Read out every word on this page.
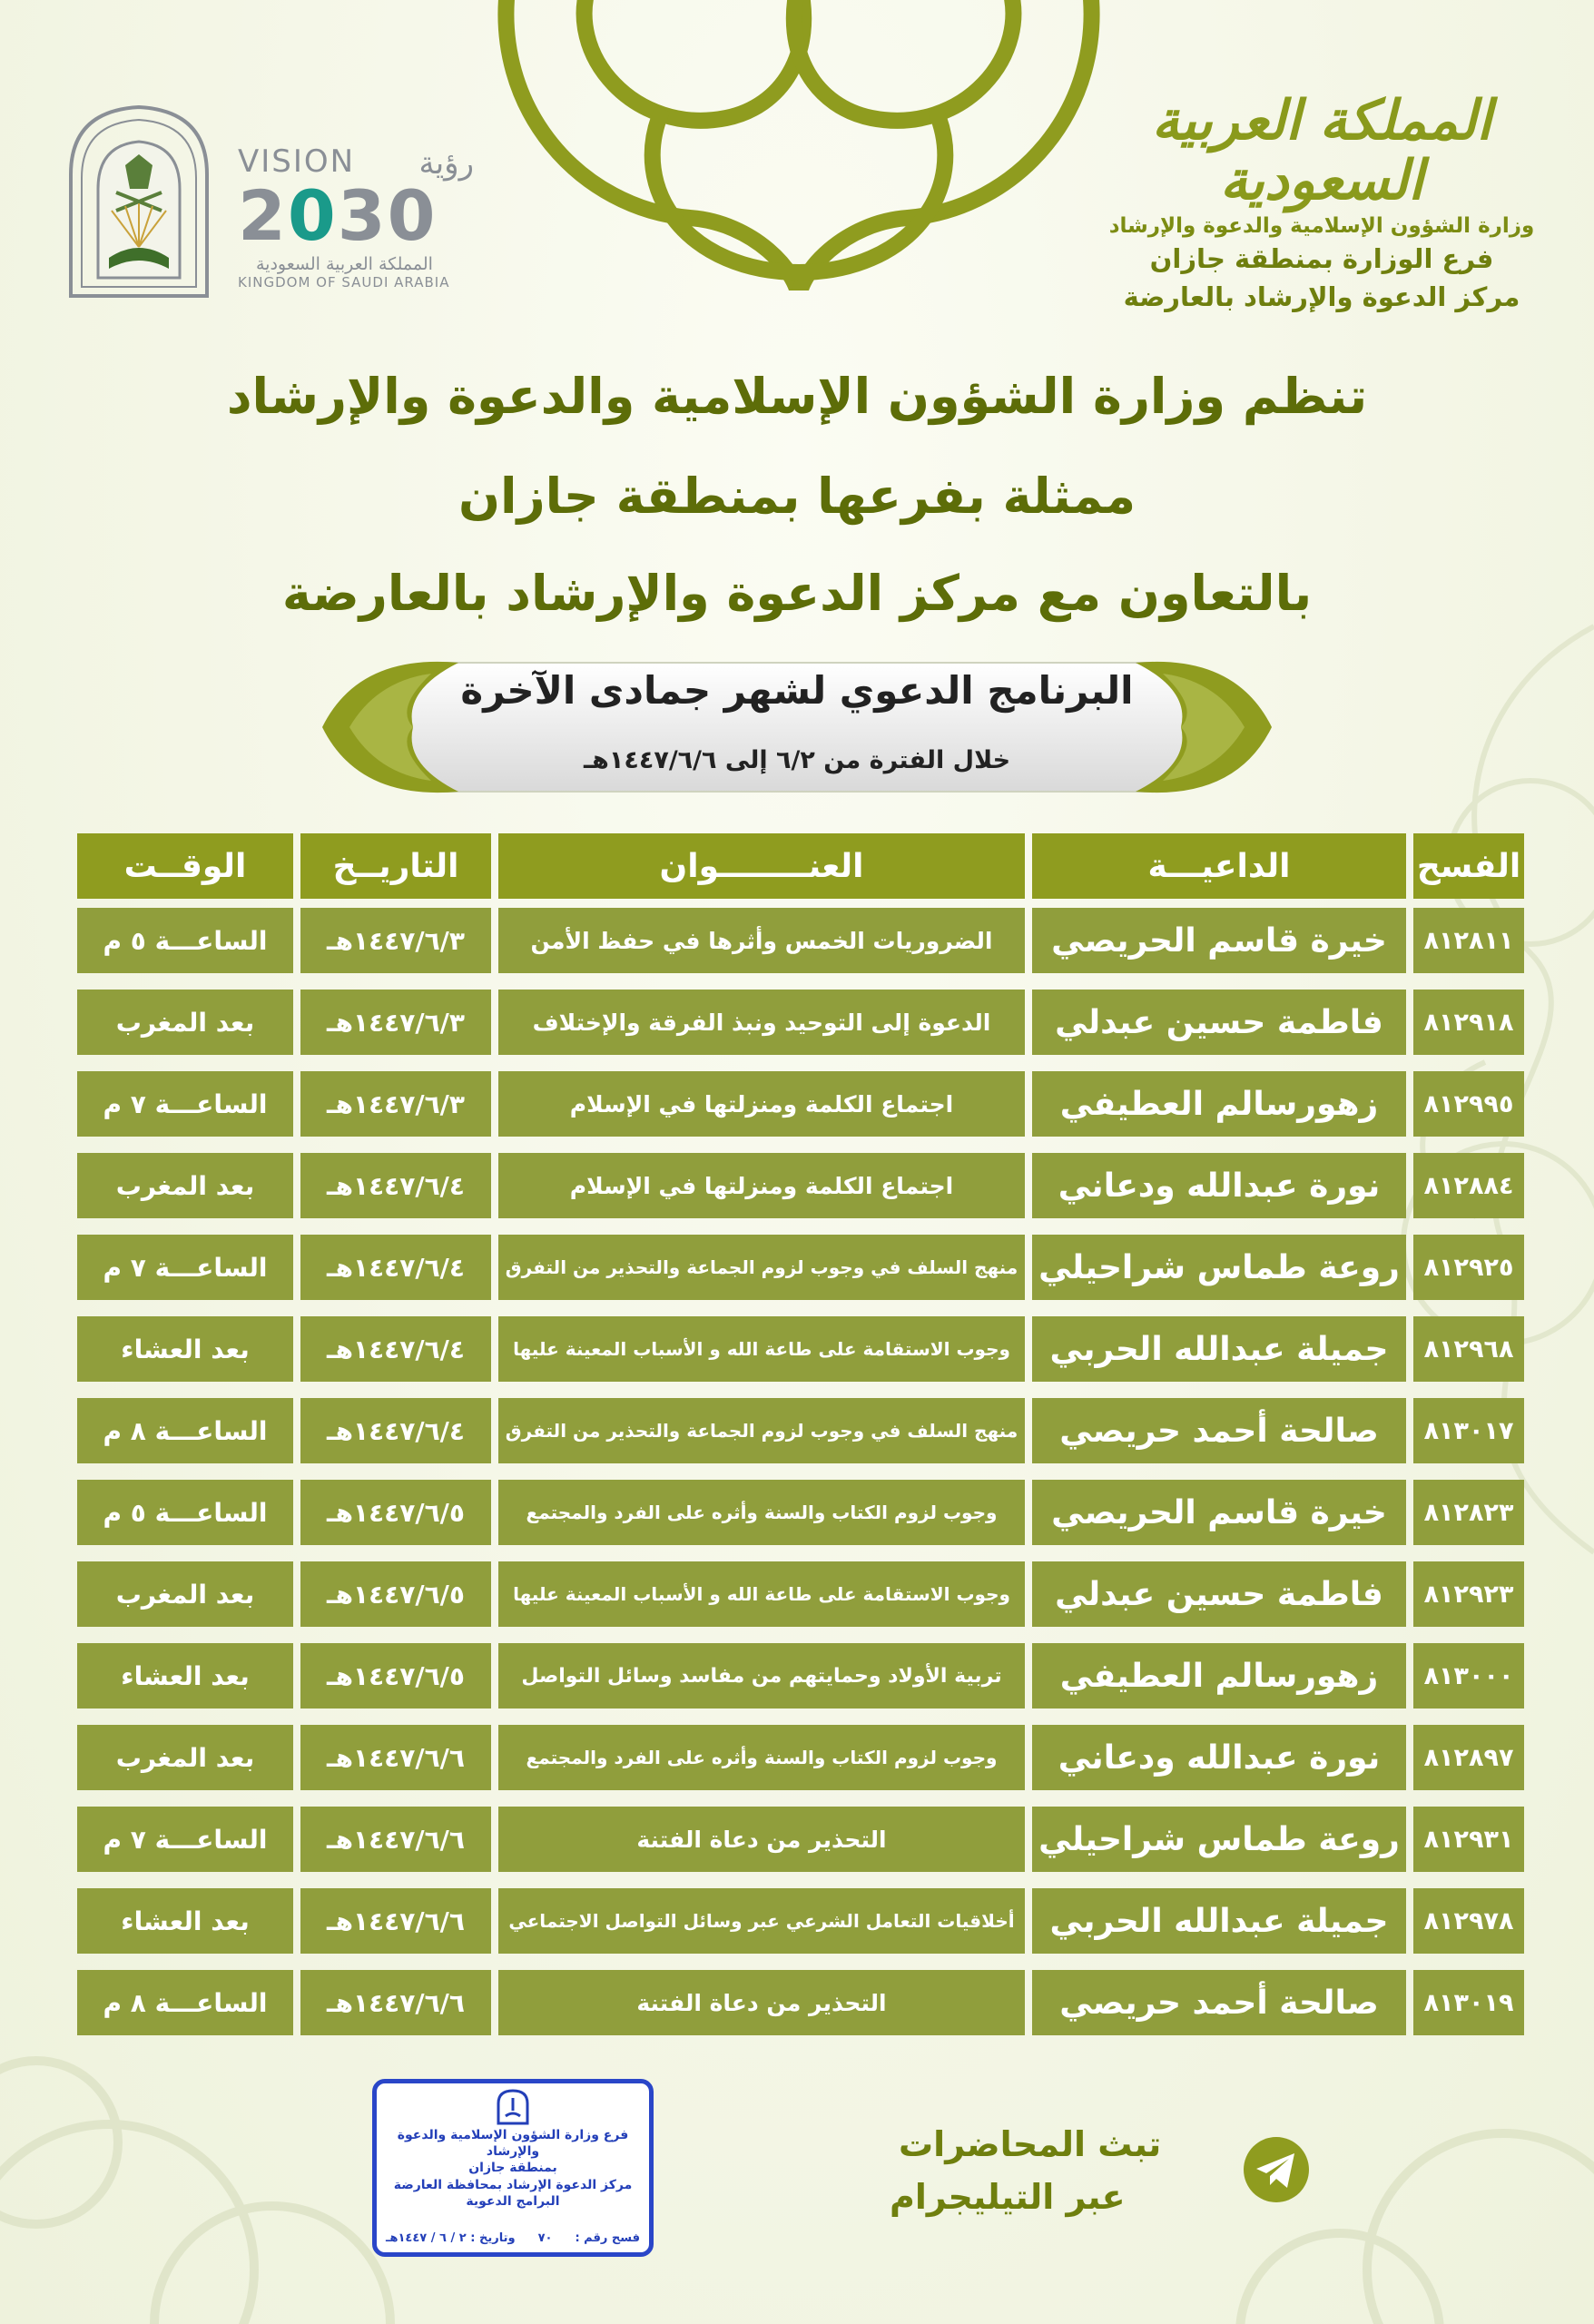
المملكة العربية السعودية
وزارة الشؤون الإسلامية والدعوة والإرشاد
فرع الوزارة بمنطقة جازان
مركز الدعوة والإرشاد بالعارضة
VISION	رؤية
2030
المملكة العربية السعودية
KINGDOM OF SAUDI ARABIA
تنظم وزارة الشؤون الإسلامية والدعوة والإرشاد
ممثلة بفرعها بمنطقة جازان
بالتعاون مع مركز الدعوة والإرشاد بالعارضة
البرنامج الدعوي لشهر جمادى الآخرة
خلال الفترة من ٦/٢ إلى ١٤٤٧/٦/٦هـ
الفسح
الداعيـــة
العنــــــــوان
التاريــخ
الوقــت
٨١٢٨١١
خيرة قاسم الحريصي
الضروريات الخمس وأثرها في حفظ الأمن
١٤٤٧/٦/٣هـ
الساعـــة ٥ م
٨١٢٩١٨
فاطمة حسين عبدلي
الدعوة إلى التوحيد ونبذ الفرقة والإختلاف
١٤٤٧/٦/٣هـ
بعد المغرب
٨١٢٩٩٥
زهورسالم العطيفي
اجتماع الكلمة ومنزلتها في الإسلام
١٤٤٧/٦/٣هـ
الساعـــة ٧ م
٨١٢٨٨٤
نورة عبدالله ودعاني
اجتماع الكلمة ومنزلتها في الإسلام
١٤٤٧/٦/٤هـ
بعد المغرب
٨١٢٩٢٥
روعة طماس شراحيلي
منهج السلف في وجوب لزوم الجماعة والتحذير من التفرق
١٤٤٧/٦/٤هـ
الساعـــة ٧ م
٨١٢٩٦٨
جميلة عبدالله الحربي
وجوب الاستقامة على طاعة الله و الأسباب المعينة عليها
١٤٤٧/٦/٤هـ
بعد العشاء
٨١٣٠١٧
صالحة أحمد حريصي
منهج السلف في وجوب لزوم الجماعة والتحذير من التفرق
١٤٤٧/٦/٤هـ
الساعـــة ٨ م
٨١٢٨٢٣
خيرة قاسم الحريصي
وجوب لزوم الكتاب والسنة وأثره على الفرد والمجتمع
١٤٤٧/٦/٥هـ
الساعـــة ٥ م
٨١٢٩٢٣
فاطمة حسين عبدلي
وجوب الاستقامة على طاعة الله و الأسباب المعينة عليها
١٤٤٧/٦/٥هـ
بعد المغرب
٨١٣٠٠٠
زهورسالم العطيفي
تربية الأولاد وحمايتهم من مفاسد وسائل التواصل
١٤٤٧/٦/٥هـ
بعد العشاء
٨١٢٨٩٧
نورة عبدالله ودعاني
وجوب لزوم الكتاب والسنة وأثره على الفرد والمجتمع
١٤٤٧/٦/٦هـ
بعد المغرب
٨١٢٩٣١
روعة طماس شراحيلي
التحذير من دعاة الفتنة
١٤٤٧/٦/٦هـ
الساعـــة ٧ م
٨١٢٩٧٨
جميلة عبدالله الحربي
أخلاقيات التعامل الشرعي عبر وسائل التواصل الاجتماعي
١٤٤٧/٦/٦هـ
بعد العشاء
٨١٣٠١٩
صالحة أحمد حريصي
التحذير من دعاة الفتنة
١٤٤٧/٦/٦هـ
الساعـــة ٨ م
فرع وزارة الشؤون الإسلامية والدعوة والإرشاد
بمنطقة جازان
مركز الدعوة الإرشاد بمحافظة العارضة
البرامج الدعوية
فسح رقم :
٧٠
وتاريخ : ٢ / ٦ / ١٤٤٧هـ
تبث المحاضرات
عبر التيليجرام
